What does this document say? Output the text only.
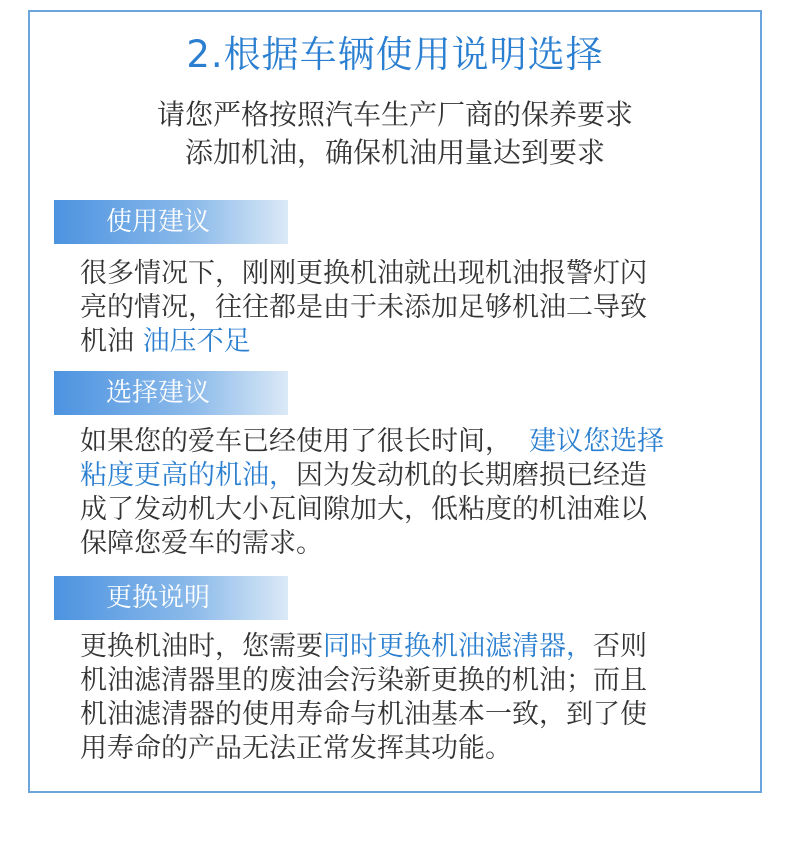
2.根据车辆使用说明选择
请您严格按照汽车生产厂商的保养要求
添加机油，确保机油用量达到要求
使用建议
很多情况下，刚刚更换机油就出现机油报警灯闪
亮的情况，往往都是由于未添加足够机油二导致
机油 油压不足
选择建议
如果您的爱车已经使用了很长时间，  建议您选择
粘度更高的机油，因为发动机的长期磨损已经造
成了发动机大小瓦间隙加大，低粘度的机油难以
保障您爱车的需求。
更换说明
更换机油时，您需要同时更换机油滤清器，否则
机油滤清器里的废油会污染新更换的机油；而且
机油滤清器的使用寿命与机油基本一致，到了使
用寿命的产品无法正常发挥其功能。
